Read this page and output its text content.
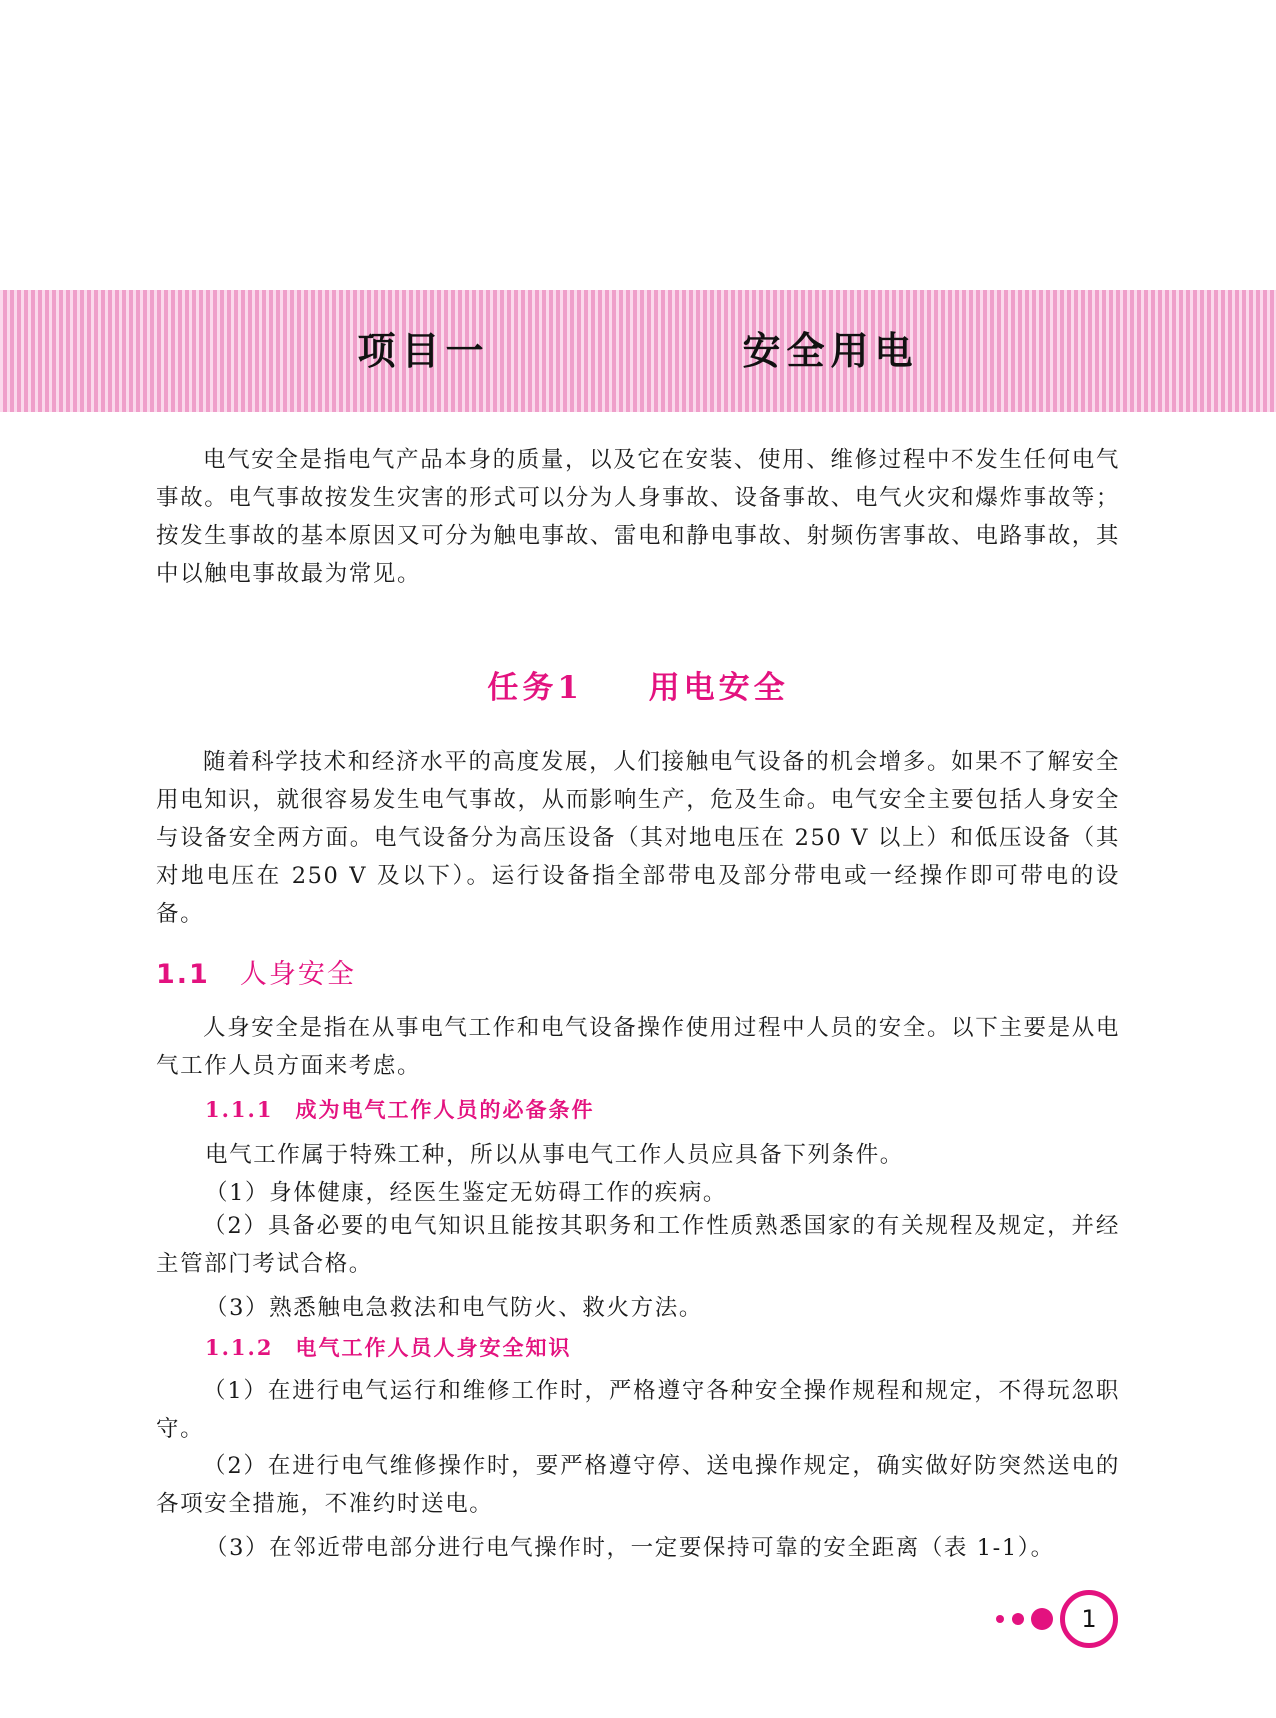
项目一    安全用电

电气安全是指电气产品本身的质量，以及它在安装、使用、维修过程中不发生任何电气事故。电气事故按发生灾害的形式可以分为人身事故、设备事故、电气火灾和爆炸事故等；按发生事故的基本原因又可分为触电事故、雷电和静电事故、射频伤害事故、电路事故，其中以触电事故最为常见。

任务1  用电安全

随着科学技术和经济水平的高度发展，人们接触电气设备的机会增多。如果不了解安全用电知识，就很容易发生电气事故，从而影响生产，危及生命。电气安全主要包括人身安全与设备安全两方面。电气设备分为高压设备（其对地电压在 250 V 以上）和低压设备（其对地电压在 250 V 及以下）。运行设备指全部带电及部分带电或一经操作即可带电的设备。

1.1 人身安全

人身安全是指在从事电气工作和电气设备操作使用过程中人员的安全。以下主要是从电气工作人员方面来考虑。

1.1.1 成为电气工作人员的必备条件
电气工作属于特殊工种，所以从事电气工作人员应具备下列条件。
（1）身体健康，经医生鉴定无妨碍工作的疾病。

（2）具备必要的电气知识且能按其职务和工作性质熟悉国家的有关规程及规定，并经主管部门考试合格。

（3）熟悉触电急救法和电气防火、救火方法。
1.1.2 电气工作人员人身安全知识

（1）在进行电气运行和维修工作时，严格遵守各种安全操作规程和规定，不得玩忽职守。

（2）在进行电气维修操作时，要严格遵守停、送电操作规定，确实做好防突然送电的各项安全措施，不准约时送电。

（3）在邻近带电部分进行电气操作时，一定要保持可靠的安全距离（表 1-1）。
1
